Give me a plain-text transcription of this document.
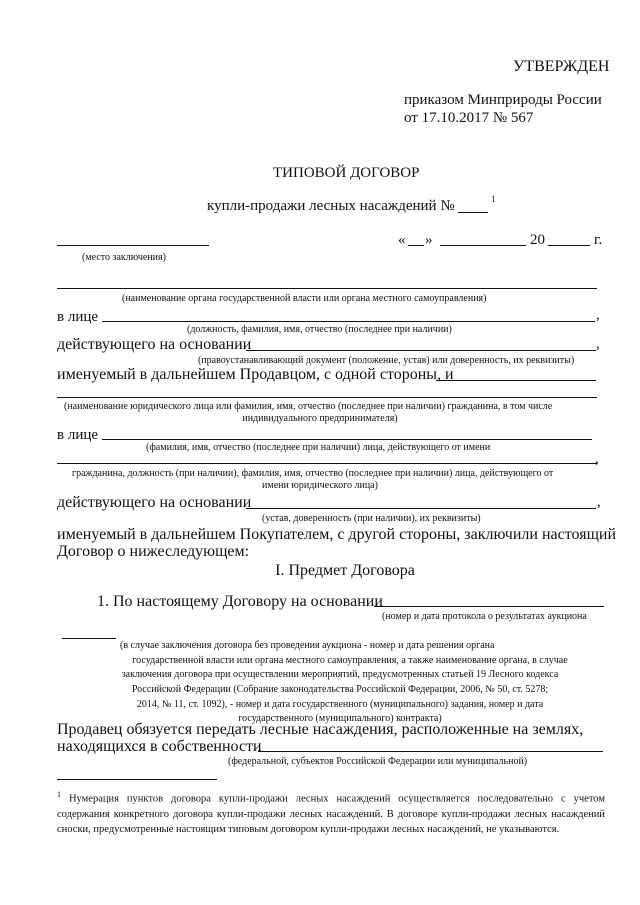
УТВЕРЖДЕН
приказом Минприроды России
от 17.10.2017 № 567
ТИПОВОЙ ДОГОВОР
купли-продажи лесных насаждений №	1
(место заключения)
« »	20	г.
(наименование органа государственной власти или органа местного самоуправления)
в лице	,
(должность, фамилия, имя, отчество (последнее при наличии)
действующего на основании	,
(правоустанавливающий документ (положение, устав) или доверенность, их реквизиты)
именуемый в дальнейшем Продавцом, с одной стороны, и
(наименование юридического лица или фамилия, имя, отчество (последнее при наличии) гражданина, в том числе
индивидуального предпринимателя)
в лице
(фамилия, имя, отчество (последнее при наличии) лица, действующего от имени
,
гражданина, должность (при наличии), фамилия, имя, отчество (последнее при наличии) лица, действующего от
имени юридического лица)
действующего на основании	,
(устав, доверенность (при наличии), их реквизиты)
именуемый в дальнейшем Покупателем, с другой стороны, заключили настоящий
Договор о нижеследующем:
I. Предмет Договора
1. По настоящему Договору на основании
(номер и дата протокола о результатах аукциона
(в случае заключения договора без проведения аукциона - номер и дата решения органа
государственной власти или органа местного самоуправления, а также наименование органа, в случае
заключения договора при осуществлении мероприятий, предусмотренных статьей 19 Лесного кодекса
Российской Федерации (Собрание законодательства Российской Федерации, 2006, № 50, ст. 5278;
2014, № 11, ст. 1092), - номер и дата государственного (муниципального) задания, номер и дата
государственного (муниципального) контракта)
Продавец обязуется передать лесные насаждения, расположенные на землях,
находящихся в собственности
(федеральной, субъектов Российской Федерации или муниципальной)
$^1$ Нумерация пунктов договора купли-продажи лесных насаждений осуществляется последовательно с учетом содержания конкретного договора купли-продажи лесных насаждений. В договоре купли-продажи лесных насаждений сноски, предусмотренные настоящим типовым договором купли-продажи лесных насаждений, не указываются.
